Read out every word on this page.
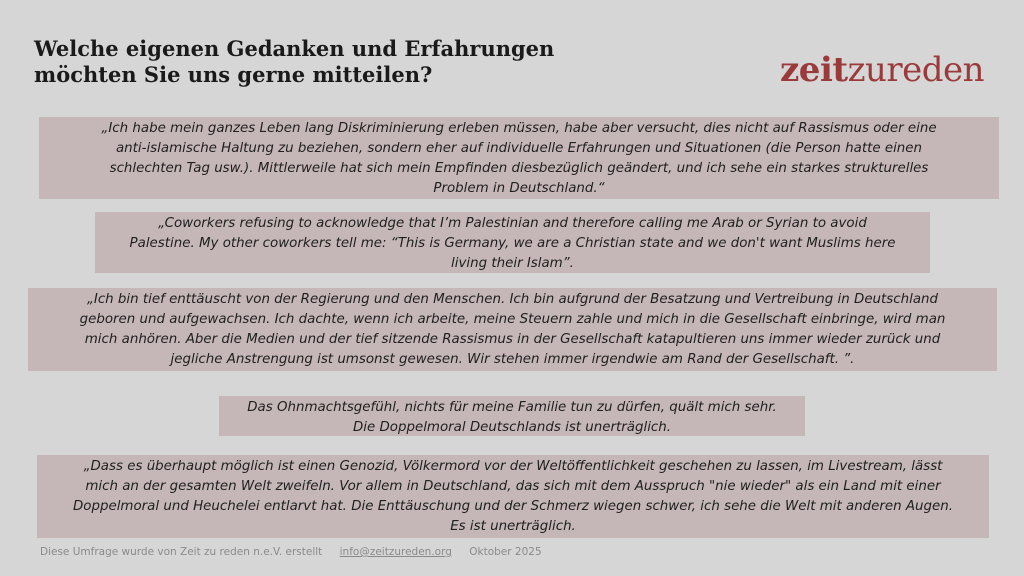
Welche eigenen Gedanken und Erfahrungen
möchten Sie uns gerne mitteilen?	zeitzureden
„Ich habe mein ganzes Leben lang Diskriminierung erleben müssen, habe aber versucht, dies nicht auf Rassismus oder eine
anti-islamische Haltung zu beziehen, sondern eher auf individuelle Erfahrungen und Situationen (die Person hatte einen
schlechten Tag usw.). Mittlerweile hat sich mein Empfinden diesbezüglich geändert, und ich sehe ein starkes strukturelles
Problem in Deutschland.“
„Coworkers refusing to acknowledge that I’m Palestinian and therefore calling me Arab or Syrian to avoid
Palestine. My other coworkers tell me: “This is Germany, we are a Christian state and we don't want Muslims here
living their Islam”.
„Ich bin tief enttäuscht von der Regierung und den Menschen. Ich bin aufgrund der Besatzung und Vertreibung in Deutschland
geboren und aufgewachsen. Ich dachte, wenn ich arbeite, meine Steuern zahle und mich in die Gesellschaft einbringe, wird man
mich anhören. Aber die Medien und der tief sitzende Rassismus in der Gesellschaft katapultieren uns immer wieder zurück und
jegliche Anstrengung ist umsonst gewesen. Wir stehen immer irgendwie am Rand der Gesellschaft. ”.
Das Ohnmachtsgefühl, nichts für meine Familie tun zu dürfen, quält mich sehr.
Die Doppelmoral Deutschlands ist unerträglich.
„Dass es überhaupt möglich ist einen Genozid, Völkermord vor der Weltöffentlichkeit geschehen zu lassen, im Livestream, lässt
mich an der gesamten Welt zweifeln. Vor allem in Deutschland, das sich mit dem Ausspruch "nie wieder" als ein Land mit einer
Doppelmoral und Heuchelei entlarvt hat. Die Enttäuschung und der Schmerz wiegen schwer, ich sehe die Welt mit anderen Augen.
Es ist unerträglich.
Diese Umfrage wurde von Zeit zu reden n.e.V. erstellt info@zeitzureden.org Oktober 2025
